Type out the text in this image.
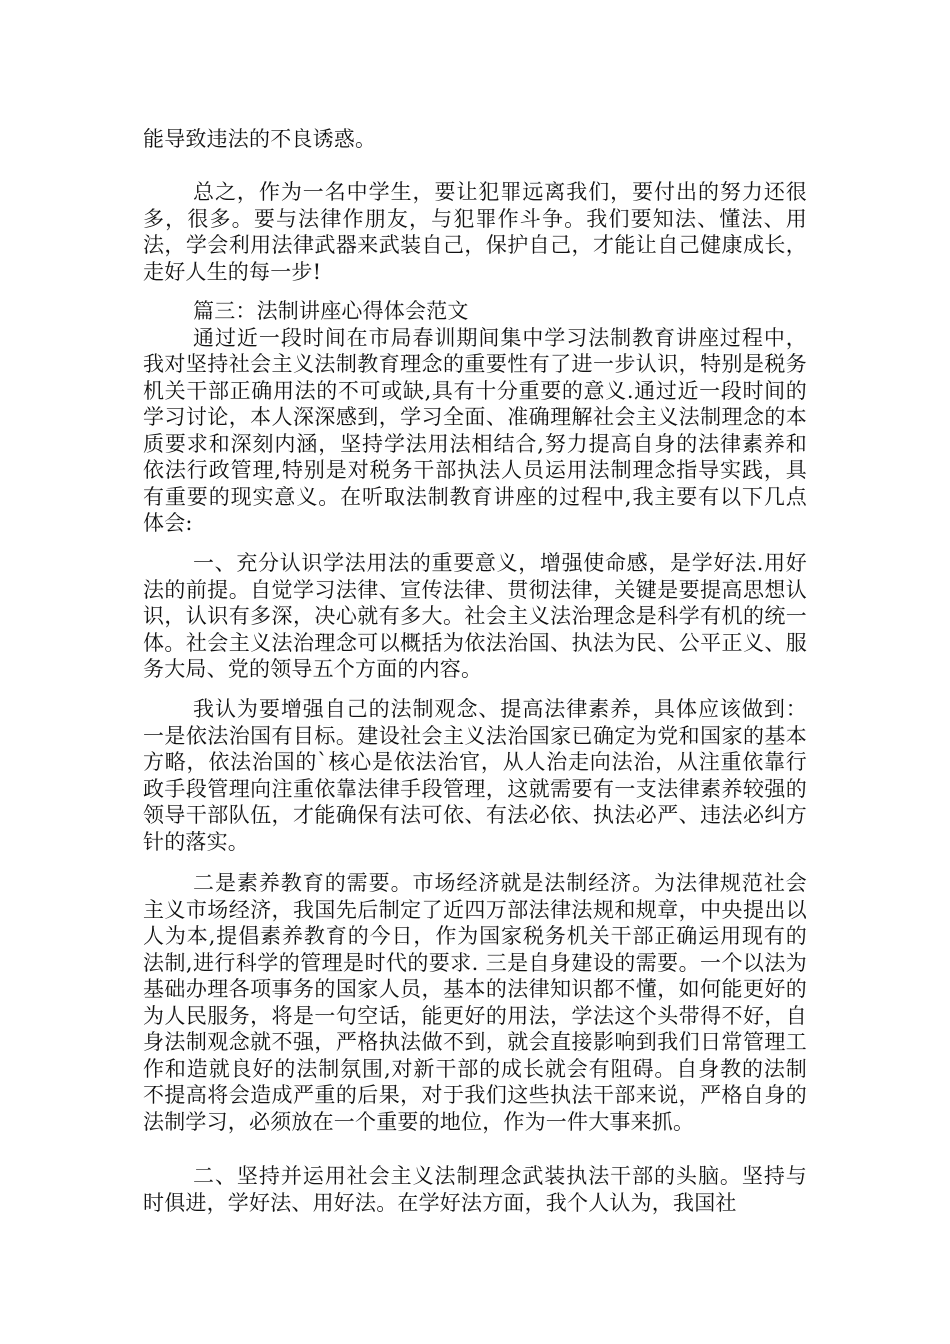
能导致违法的不良诱惑。

总之，作为一名中学生，要让犯罪远离我们，要付出的努力还很多，很多。要与法律作朋友，与犯罪作斗争。我们要知法、懂法、用法，学会利用法律武器来武装自己，保护自己，才能让自己健康成长，走好人生的每一步!

篇三：法制讲座心得体会范文

通过近一段时间在市局春训期间集中学习法制教育讲座过程中，我对坚持社会主义法制教育理念的重要性有了进一步认识，特别是税务机关干部正确用法的不可或缺,具有十分重要的意义.通过近一段时间的学习讨论，本人深深感到，学习全面、准确理解社会主义法制理念的本质要求和深刻内涵，坚持学法用法相结合,努力提高自身的法律素养和依法行政管理,特别是对税务干部执法人员运用法制理念指导实践，具有重要的现实意义。在听取法制教育讲座的过程中,我主要有以下几点体会:

一、充分认识学法用法的重要意义，增强使命感，是学好法.用好法的前提。自觉学习法律、宣传法律、贯彻法律，关键是要提高思想认识，认识有多深，决心就有多大。社会主义法治理念是科学有机的统一体。社会主义法治理念可以概括为依法治国、执法为民、公平正义、服务大局、党的领导五个方面的内容。

我认为要增强自己的法制观念、提高法律素养，具体应该做到：一是依法治国有目标。建设社会主义法治国家已确定为党和国家的基本方略，依法治国的`核心是依法治官，从人治走向法治，从注重依靠行政手段管理向注重依靠法律手段管理，这就需要有一支法律素养较强的领导干部队伍，才能确保有法可依、有法必依、执法必严、违法必纠方针的落实。

二是素养教育的需要。市场经济就是法制经济。为法律规范社会主义市场经济，我国先后制定了近四万部法律法规和规章，中央提出以人为本,提倡素养教育的今日，作为国家税务机关干部正确运用现有的法制,进行科学的管理是时代的要求. 三是自身建设的需要。一个以法为基础办理各项事务的国家人员，基本的法律知识都不懂，如何能更好的为人民服务，将是一句空话，能更好的用法，学法这个头带得不好，自身法制观念就不强，严格执法做不到，就会直接影响到我们日常管理工作和造就良好的法制氛围,对新干部的成长就会有阻碍。自身教的法制不提高将会造成严重的后果，对于我们这些执法干部来说，严格自身的法制学习，必须放在一个重要的地位，作为一件大事来抓。

二、坚持并运用社会主义法制理念武装执法干部的头脑。坚持与时俱进，学好法、用好法。在学好法方面，我个人认为，我国社
